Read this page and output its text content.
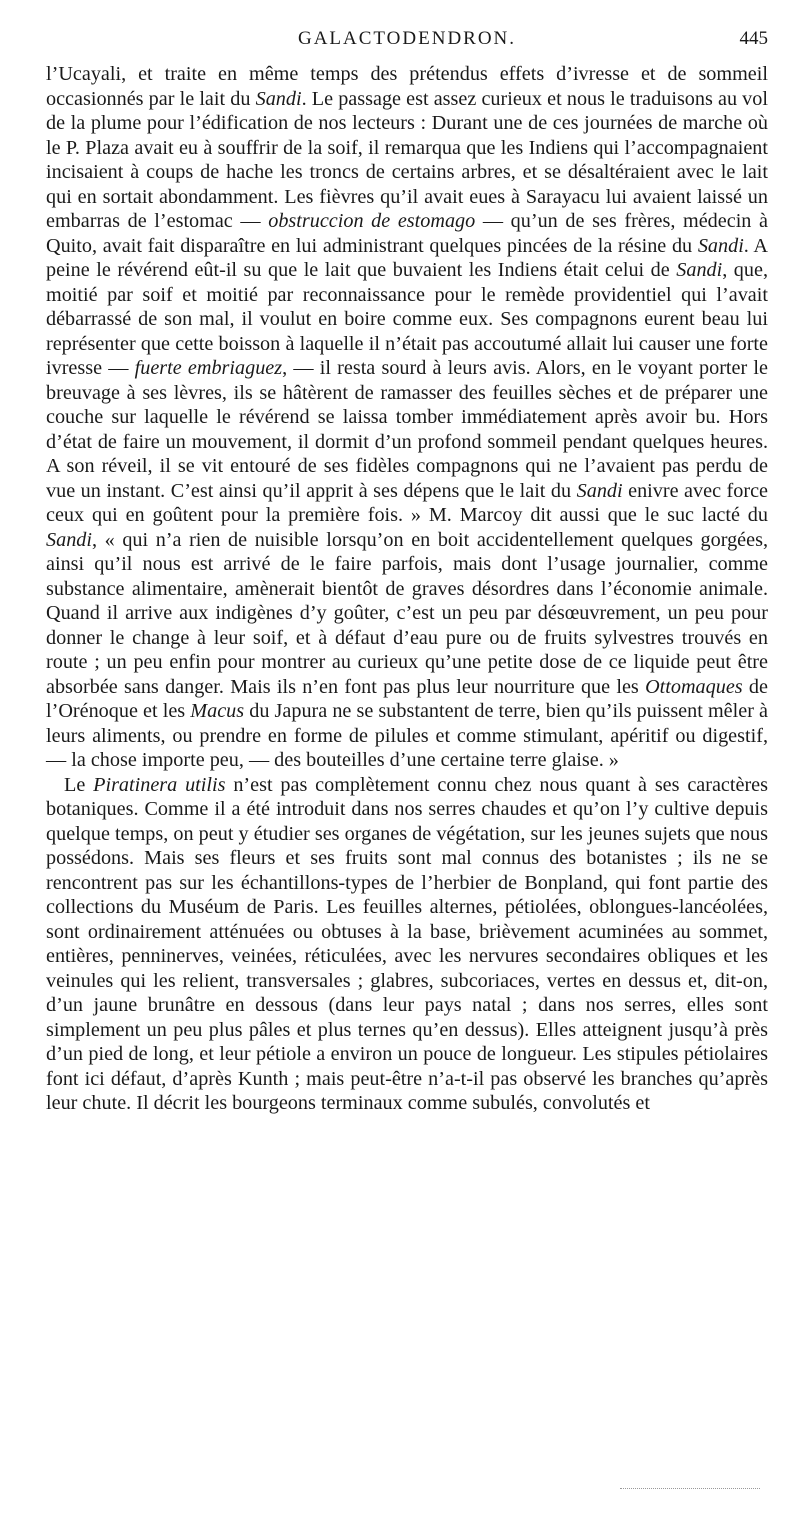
GALACTODENDRON.	445

l’Ucayali, et traite en même temps des prétendus effets d’ivresse et de sommeil occasionnés par le lait du Sandi. Le passage est assez curieux et nous le traduisons au vol de la plume pour l’édification de nos lecteurs : Durant une de ces journées de marche où le P. Plaza avait eu à souffrir de la soif, il remarqua que les Indiens qui l’accompagnaient incisaient à coups de hache les troncs de certains arbres, et se désaltéraient avec le lait qui en sortait abondamment. Les fièvres qu’il avait eues à Sarayacu lui avaient laissé un embarras de l’estomac — obstruccion de estomago — qu’un de ses frères, médecin à Quito, avait fait disparaître en lui administrant quelques pincées de la résine du Sandi. A peine le révérend eût-il su que le lait que buvaient les Indiens était celui de Sandi, que, moitié par soif et moitié par reconnaissance pour le remède providentiel qui l’avait débarrassé de son mal, il voulut en boire comme eux. Ses compagnons eurent beau lui représenter que cette boisson à laquelle il n’était pas accoutumé allait lui causer une forte ivresse — fuerte embriaguez, — il resta sourd à leurs avis. Alors, en le voyant porter le breuvage à ses lèvres, ils se hâtèrent de ramasser des feuilles sèches et de préparer une couche sur laquelle le révérend se laissa tomber immédiatement après avoir bu. Hors d’état de faire un mouvement, il dormit d’un profond sommeil pendant quelques heures. A son réveil, il se vit entouré de ses fidèles compagnons qui ne l’avaient pas perdu de vue un instant. C’est ainsi qu’il apprit à ses dépens que le lait du Sandi enivre avec force ceux qui en goûtent pour la première fois. » M. Marcoy dit aussi que le suc lacté du Sandi, « qui n’a rien de nuisible lorsqu’on en boit accidentellement quelques gorgées, ainsi qu’il nous est arrivé de le faire parfois, mais dont l’usage journalier, comme substance alimentaire, amènerait bientôt de graves désordres dans l’économie animale. Quand il arrive aux indigènes d’y goûter, c’est un peu par désœuvrement, un peu pour donner le change à leur soif, et à défaut d’eau pure ou de fruits sylvestres trouvés en route ; un peu enfin pour montrer au curieux qu’une petite dose de ce liquide peut être absorbée sans danger. Mais ils n’en font pas plus leur nourriture que les Ottomaques de l’Orénoque et les Macus du Japura ne se substantent de terre, bien qu’ils puissent mêler à leurs aliments, ou prendre en forme de pilules et comme stimulant, apéritif ou digestif, — la chose importe peu, — des bouteilles d’une certaine terre glaise. »

Le Piratinera utilis n’est pas complètement connu chez nous quant à ses caractères botaniques. Comme il a été introduit dans nos serres chaudes et qu’on l’y cultive depuis quelque temps, on peut y étudier ses organes de végétation, sur les jeunes sujets que nous possédons. Mais ses fleurs et ses fruits sont mal connus des botanistes ; ils ne se rencontrent pas sur les échantillons-types de l’herbier de Bonpland, qui font partie des collections du Muséum de Paris. Les feuilles alternes, pétiolées, oblongues-lancéolées, sont ordinairement atténuées ou obtuses à la base, brièvement acuminées au sommet, entières, penninerves, veinées, réticulées, avec les nervures secondaires obliques et les veinules qui les relient, transversales ; glabres, subcoriaces, vertes en dessus et, dit-on, d’un jaune brunâtre en dessous (dans leur pays natal ; dans nos serres, elles sont simplement un peu plus pâles et plus ternes qu’en dessus). Elles atteignent jusqu’à près d’un pied de long, et leur pétiole a environ un pouce de longueur. Les stipules pétiolaires font ici défaut, d’après Kunth ; mais peut-être n’a-t-il pas observé les branches qu’après leur chute. Il décrit les bourgeons terminaux comme subulés, convolutés et
